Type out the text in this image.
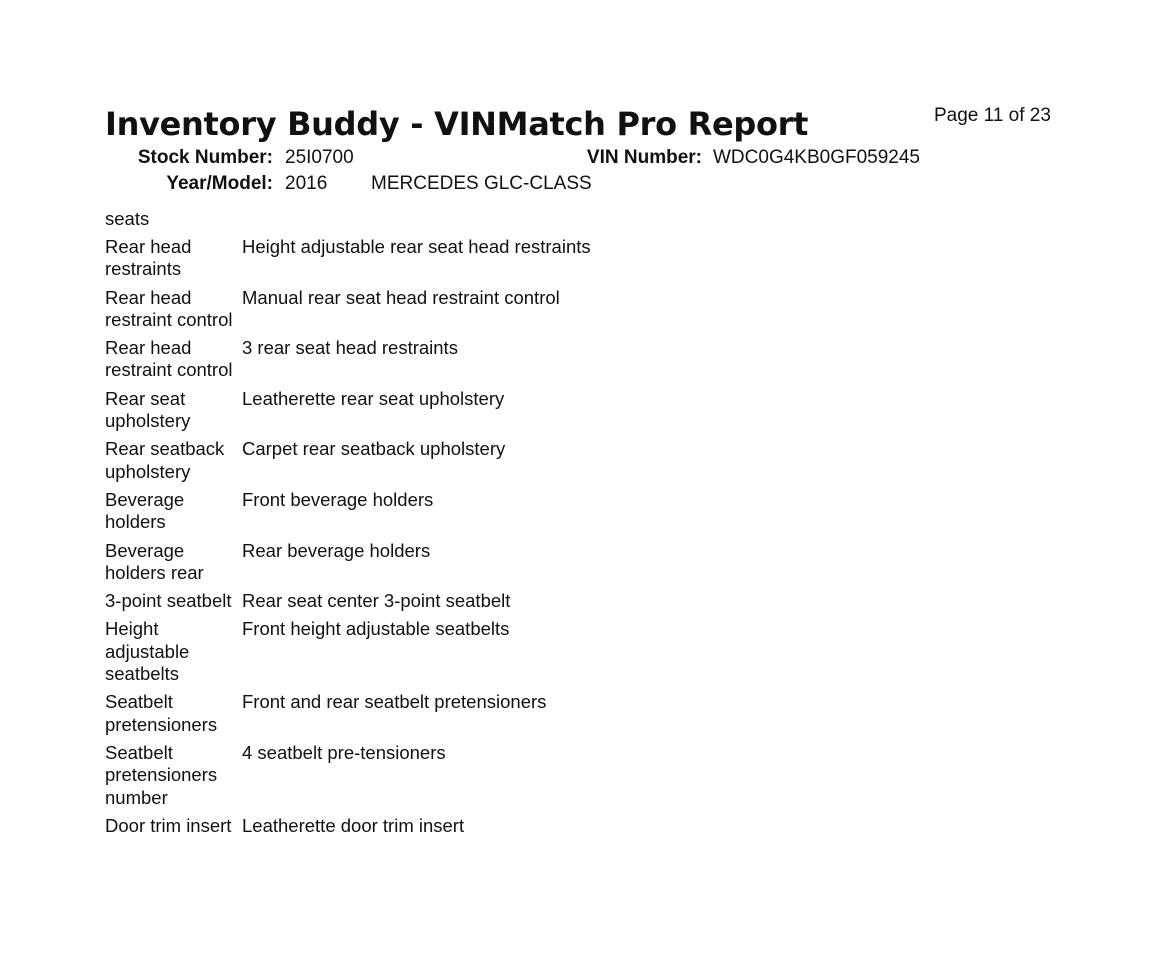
Inventory Buddy - VINMatch Pro Report	Page 11 of 23
Stock Number: 25I0700	VIN Number: WDC0G4KB0GF059245
Year/Model: 2016 MERCEDES GLC-CLASS
seats
Rear head restraints
Height adjustable rear seat head restraints
Rear head restraint control
Manual rear seat head restraint control
Rear head restraint control
3 rear seat head restraints
Rear seat upholstery
Leatherette rear seat upholstery
Rear seatback upholstery
Carpet rear seatback upholstery
Beverage holders
Front beverage holders
Beverage holders rear
Rear beverage holders
3-point seatbelt Rear seat center 3-point seatbelt
Height adjustable seatbelts
Front height adjustable seatbelts
Seatbelt pretensioners
Front and rear seatbelt pretensioners
Seatbelt pretensioners number
4 seatbelt pre-tensioners
Door trim insert Leatherette door trim insert
